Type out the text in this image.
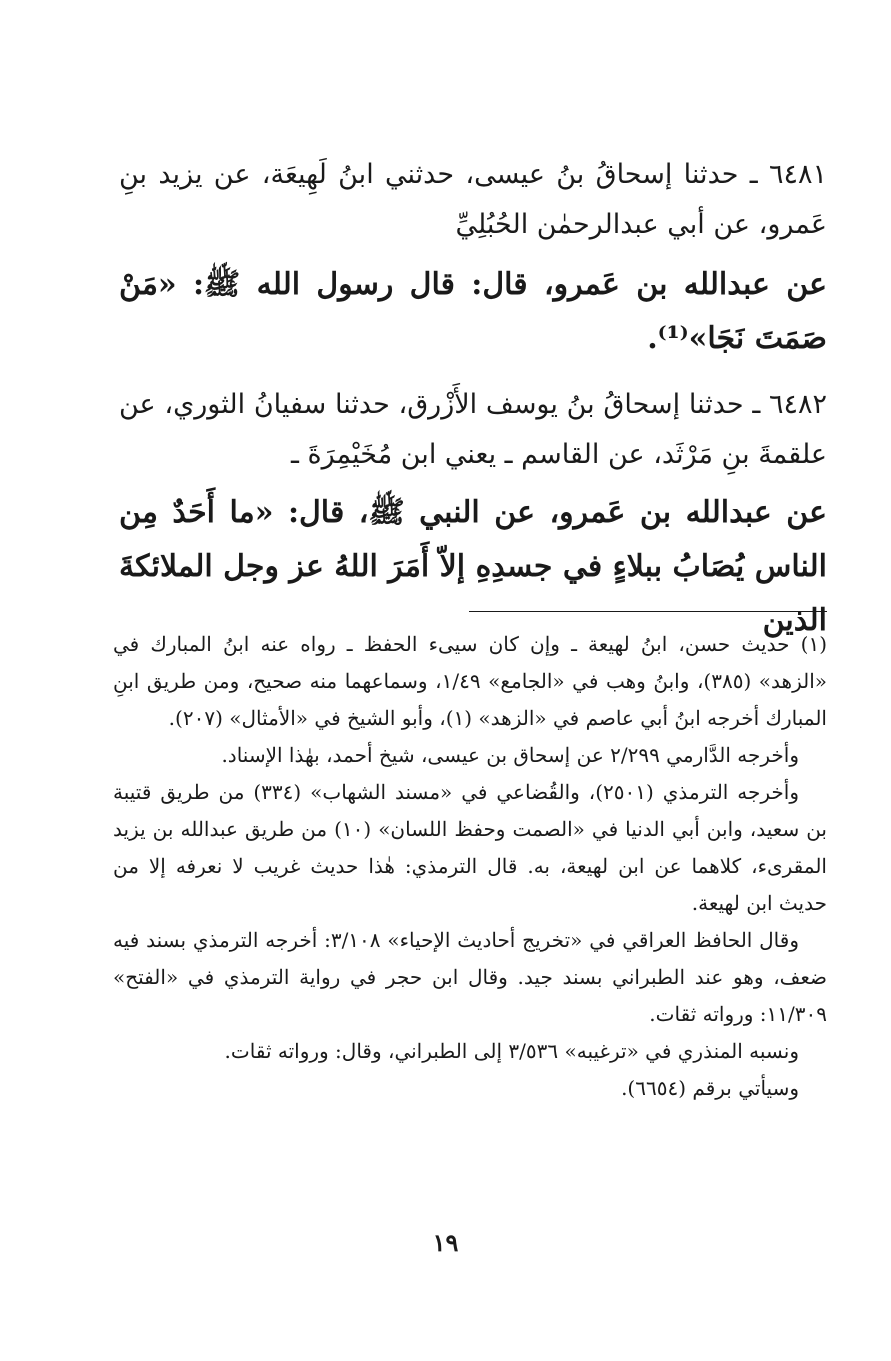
٦٤٨١ ـ حدثنا إسحاقُ بنُ عيسى، حدثني ابنُ لَهِيعَة، عن يزيد بنِ عَمرو، عن أبي عبدالرحمٰن الحُبُلِيِّ

عن عبدالله بن عَمرو، قال: قال رسول الله ﷺ: «مَنْ صَمَتَ نَجَا»⁽¹⁾.

٦٤٨٢ ـ حدثنا إسحاقُ بنُ يوسف الأَزْرق، حدثنا سفيانُ الثوري، عن علقمةَ بنِ مَرْثَد، عن القاسم ـ يعني ابن مُخَيْمِرَةَ ـ

عن عبدالله بن عَمرو، عن النبي ﷺ، قال: «ما أَحَدٌ مِن الناس يُصَابُ ببلاءٍ في جسدِهِ إلاّ أَمَرَ اللهُ عز وجل الملائكةَ الذين

(١) حديث حسن، ابنُ لهيعة ـ وإن كان سيىء الحفظ ـ رواه عنه ابنُ المبارك في «الزهد» (٣٨٥)، وابنُ وهب في «الجامع» ١/٤٩، وسماعهما منه صحيح، ومن طريق ابنِ المبارك أخرجه ابنُ أبي عاصم في «الزهد» (١)، وأبو الشيخ في «الأمثال» (٢٠٧).

وأخرجه الدَّارمي ٢/٢٩٩ عن إسحاق بن عيسى، شيخ أحمد، بهٰذا الإسناد.

وأخرجه الترمذي (٢٥٠١)، والقُضاعي في «مسند الشهاب» (٣٣٤) من طريق قتيبة بن سعيد، وابن أبي الدنيا في «الصمت وحفظ اللسان» (١٠) من طريق عبدالله بن يزيد المقرىء، كلاهما عن ابن لهيعة، به. قال الترمذي: هٰذا حديث غريب لا نعرفه إلا من حديث ابن لهيعة.

وقال الحافظ العراقي في «تخريج أحاديث الإحياء» ٣/١٠٨: أخرجه الترمذي بسند فيه ضعف، وهو عند الطبراني بسند جيد. وقال ابن حجر في رواية الترمذي في «الفتح» ١١/٣٠٩: ورواته ثقات.

ونسبه المنذري في «ترغيبه» ٣/٥٣٦ إلى الطبراني، وقال: ورواته ثقات.

وسيأتي برقم (٦٦٥٤).

١٩
